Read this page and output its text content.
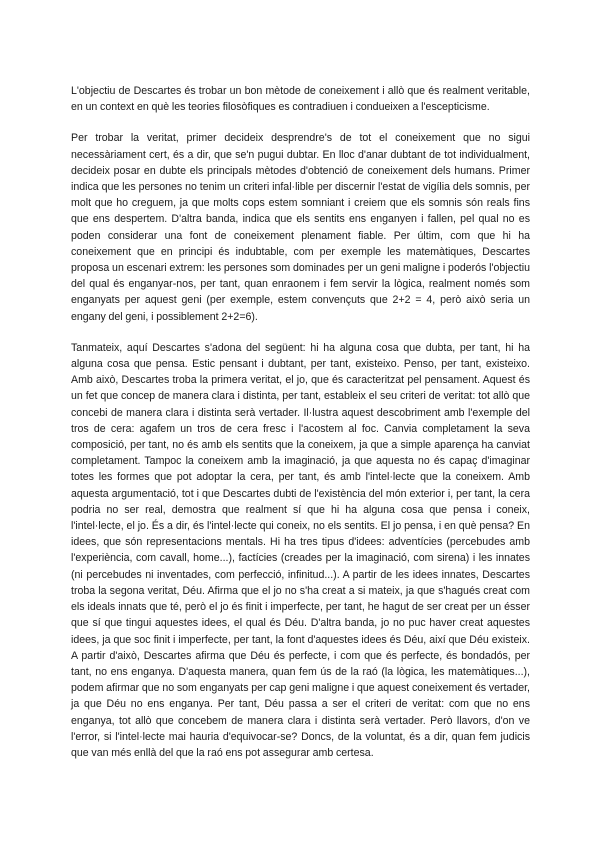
L'objectiu de Descartes és trobar un bon mètode de coneixement i allò que és realment veritable, en un context en què les teories filosòfiques es contradiuen i condueixen a l'escepticisme.

Per trobar la veritat, primer decideix desprendre's de tot el coneixement que no sigui necessàriament cert, és a dir, que se'n pugui dubtar. En lloc d'anar dubtant de tot individualment, decideix posar en dubte els principals mètodes d'obtenció de coneixement dels humans. Primer indica que les persones no tenim un criteri infal·lible per discernir l'estat de vigília dels somnis, per molt que ho creguem, ja que molts cops estem somniant i creiem que els somnis són reals fins que ens despertem. D'altra banda, indica que els sentits ens enganyen i fallen, pel qual no es poden considerar una font de coneixement plenament fiable. Per últim, com que hi ha coneixement que en principi és indubtable, com per exemple les matemàtiques, Descartes proposa un escenari extrem: les persones som dominades per un geni maligne i poderós l'objectiu del qual és enganyar-nos, per tant, quan enraonem i fem servir la lògica, realment només som enganyats per aquest geni (per exemple, estem convençuts que 2+2 = 4, però això seria un engany del geni, i possiblement 2+2=6).

Tanmateix, aquí Descartes s'adona del següent: hi ha alguna cosa que dubta, per tant, hi ha alguna cosa que pensa. Estic pensant i dubtant, per tant, existeixo. Penso, per tant, existeixo. Amb això, Descartes troba la primera veritat, el jo, que és caracteritzat pel pensament. Aquest és un fet que concep de manera clara i distinta, per tant, estableix el seu criteri de veritat: tot allò que concebi de manera clara i distinta serà vertader. Il·lustra aquest descobriment amb l'exemple del tros de cera: agafem un tros de cera fresc i l'acostem al foc. Canvia completament la seva composició, per tant, no és amb els sentits que la coneixem, ja que a simple aparença ha canviat completament. Tampoc la coneixem amb la imaginació, ja que aquesta no és capaç d'imaginar totes les formes que pot adoptar la cera, per tant, és amb l'intel·lecte que la coneixem. Amb aquesta argumentació, tot i que Descartes dubti de l'existència del món exterior i, per tant, la cera podria no ser real, demostra que realment sí que hi ha alguna cosa que pensa i coneix, l'intel·lecte, el jo. És a dir, és l'intel·lecte qui coneix, no els sentits. El jo pensa, i en què pensa? En idees, que són representacions mentals. Hi ha tres tipus d'idees: adventícies (percebudes amb l'experiència, com cavall, home...), factícies (creades per la imaginació, com sirena) i les innates (ni percebudes ni inventades, com perfecció, infinitud...). A partir de les idees innates, Descartes troba la segona veritat, Déu. Afirma que el jo no s'ha creat a si mateix, ja que s'hagués creat com els ideals innats que té, però el jo és finit i imperfecte, per tant, he hagut de ser creat per un ésser que sí que tingui aquestes idees, el qual és Déu. D'altra banda, jo no puc haver creat aquestes idees, ja que soc finit i imperfecte, per tant, la font d'aquestes idees és Déu, així que Déu existeix. A partir d'això, Descartes afirma que Déu és perfecte, i com que és perfecte, és bondadós, per tant, no ens enganya. D'aquesta manera, quan fem ús de la raó (la lògica, les matemàtiques...), podem afirmar que no som enganyats per cap geni maligne i que aquest coneixement és vertader, ja que Déu no ens enganya. Per tant, Déu passa a ser el criteri de veritat: com que no ens enganya, tot allò que concebem de manera clara i distinta serà vertader. Però llavors, d'on ve l'error, si l'intel·lecte mai hauria d'equivocar-se? Doncs, de la voluntat, és a dir, quan fem judicis que van més enllà del que la raó ens pot assegurar amb certesa.
